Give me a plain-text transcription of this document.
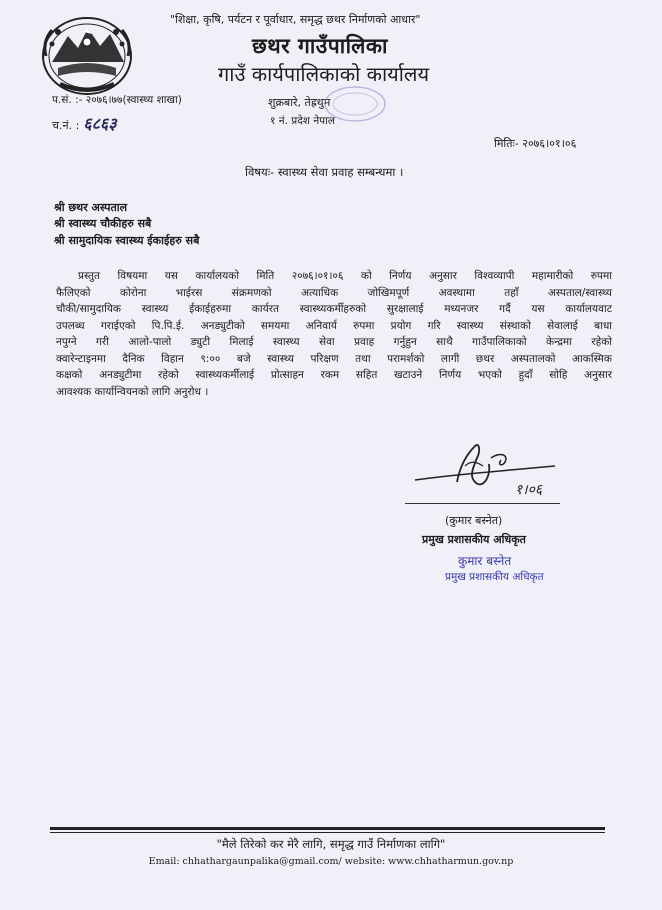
"शिक्षा, कृषि, पर्यटन र पूर्वाधार, समृद्ध छथर निर्माणको आधार"
छथर गाउँपालिका
गाउँ कार्यपालिकाको कार्यालय
प.सं. :- २०७६।७७(स्वास्थ्य शाखा)
च.नं. : ६८६३
शुक्रबारे, तेह्रथुम
१ नं. प्रदेश नेपाल
मितिः- २०७६।०१।०६
विषयः- स्वास्थ्य सेवा प्रवाह सम्बन्धमा ।
श्री छथर अस्पताल
श्री स्वास्थ्य चौकीहरु सबै
श्री सामुदायिक स्वास्थ्य ईकाईहरु सबै
प्रस्तुत विषयमा यस कार्यालयको मिति २०७६।०१।०६ को निर्णय अनुसार विश्वव्यापी महामारीको रुपमा
फैलिएको कोरोना भाईरस संक्रमणको अत्याधिक जोखिमपूर्ण अवस्थामा तहाँ अस्पताल/स्वास्थ्य
चौकी/सामुदायिक स्वास्थ्य ईकाईहरुमा कार्यरत स्वास्थ्यकर्मीहरुको सुरक्षालाई मध्यनजर गर्दै यस कार्यालयवाट
उपलब्ध गराईएको पि.पि.ई. अनड्युटीको समयमा अनिवार्य रुपमा प्रयोग गरि स्वास्थ्य संस्थाको सेवालाई बाधा
नपुग्ने गरी आलो-पालो ड्युटी मिलाई स्वास्थ्य सेवा प्रवाह गर्नुहुन साथै गाउँपालिकाको केन्द्रमा रहेको
क्वारेन्टाइनमा दैनिक विहान ९:०० बजे स्वास्थ्य परिक्षण तथा परामर्शको लागी छथर अस्पतालको आकस्मिक
कक्षको अनड्युटीमा रहेको स्वास्थ्यकर्मीलाई प्रोत्साहन रकम सहित खटाउने निर्णय भएको हुदाँ सोहि अनुसार
आवश्यक कार्यान्वियनको लागि अनुरोध ।
१।०६
(कुमार बस्नेत)
प्रमुख प्रशासकीय अधिकृत
कुमार बस्नेत
प्रमुख प्रशासकीय अधिकृत
"मैले तिरेको कर मेरै लागि, समृद्ध गाउँ निर्माणका लागि"
Email: chhathargaunpalika@gmail.com/ website: www.chhatharmun.gov.np
